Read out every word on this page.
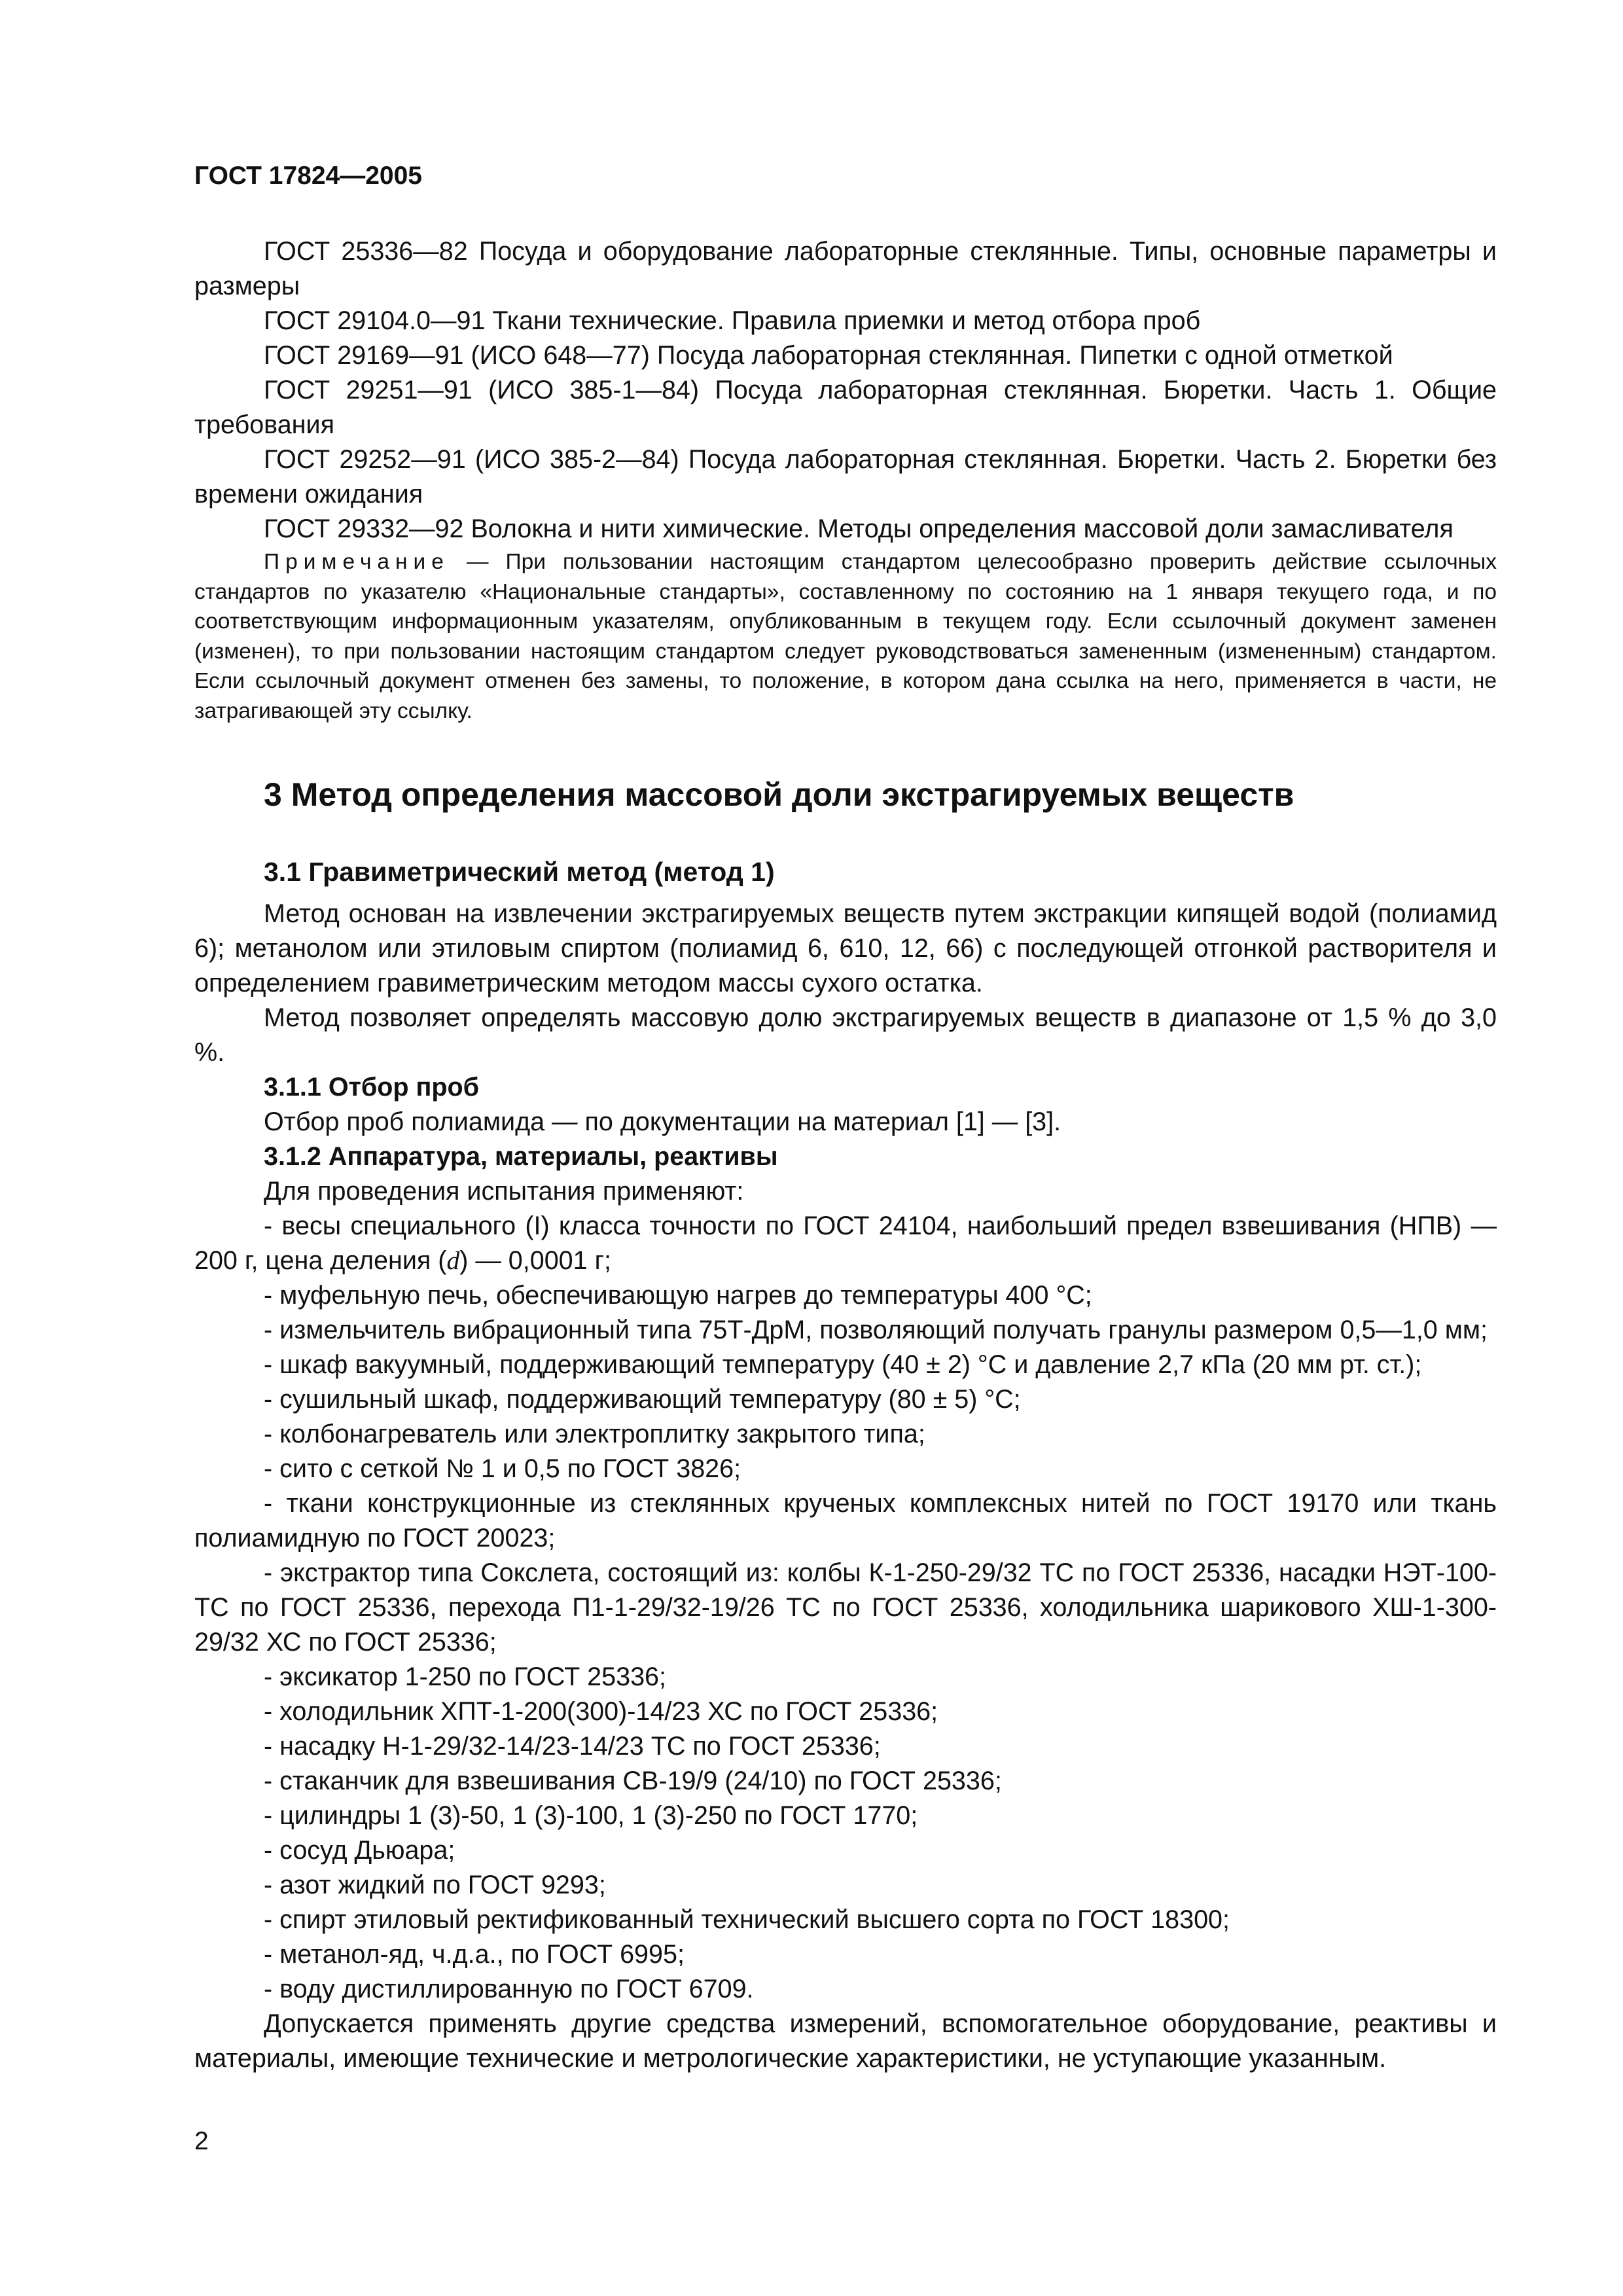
ГОСТ 17824—2005

ГОСТ 25336—82 Посуда и оборудование лабораторные стеклянные. Типы, основные параметры и размеры

ГОСТ 29104.0—91 Ткани технические. Правила приемки и метод отбора проб

ГОСТ 29169—91 (ИСО 648—77) Посуда лабораторная стеклянная. Пипетки с одной отметкой

ГОСТ 29251—91 (ИСО 385-1—84) Посуда лабораторная стеклянная. Бюретки. Часть 1. Общие требования

ГОСТ 29252—91 (ИСО 385-2—84) Посуда лабораторная стеклянная. Бюретки. Часть 2. Бюретки без времени ожидания

ГОСТ 29332—92 Волокна и нити химические. Методы определения массовой доли замасливателя

Примечание — При пользовании настоящим стандартом целесообразно проверить действие ссылочных стандартов по указателю «Национальные стандарты», составленному по состоянию на 1 января текущего года, и по соответствующим информационным указателям, опубликованным в текущем году. Если ссылочный документ заменен (изменен), то при пользовании настоящим стандартом следует руководствоваться замененным (измененным) стандартом. Если ссылочный документ отменен без замены, то положение, в котором дана ссылка на него, применяется в части, не затрагивающей эту ссылку.

3 Метод определения массовой доли экстрагируемых веществ
3.1 Гравиметрический метод (метод 1)

Метод основан на извлечении экстрагируемых веществ путем экстракции кипящей водой (полиамид 6); метанолом или этиловым спиртом (полиамид 6, 610, 12, 66) с последующей отгонкой растворителя и определением гравиметрическим методом массы сухого остатка.

Метод позволяет определять массовую долю экстрагируемых веществ в диапазоне от 1,5 % до 3,0 %.

3.1.1 Отбор проб

Отбор проб полиамида — по документации на материал [1] — [3].

3.1.2 Аппаратура, материалы, реактивы

Для проведения испытания применяют:

- весы специального (I) класса точности по ГОСТ 24104, наибольший предел взвешивания (НПВ) — 200 г, цена деления (d) — 0,0001 г;

- муфельную печь, обеспечивающую нагрев до температуры 400 °С;

- измельчитель вибрационный типа 75Т-ДрМ, позволяющий получать гранулы размером 0,5—1,0 мм;

- шкаф вакуумный, поддерживающий температуру (40 ± 2) °С и давление 2,7 кПа (20 мм рт. ст.);

- сушильный шкаф, поддерживающий температуру (80 ± 5) °С;

- колбонагреватель или электроплитку закрытого типа;

- сито с сеткой № 1 и 0,5 по ГОСТ 3826;

- ткани конструкционные из стеклянных крученых комплексных нитей по ГОСТ 19170 или ткань полиамидную по ГОСТ 20023;

- экстрактор типа Сокслета, состоящий из: колбы К-1-250-29/32 ТС по ГОСТ 25336, насадки НЭТ-100-ТС по ГОСТ 25336, перехода П1-1-29/32-19/26 ТС по ГОСТ 25336, холодильника шарикового ХШ-1-300-29/32 ХС по ГОСТ 25336;

- эксикатор 1-250 по ГОСТ 25336;

- холодильник ХПТ-1-200(300)-14/23 ХС по ГОСТ 25336;

- насадку Н-1-29/32-14/23-14/23 ТС по ГОСТ 25336;

- стаканчик для взвешивания СВ-19/9 (24/10) по ГОСТ 25336;

- цилиндры 1 (3)-50, 1 (3)-100, 1 (3)-250 по ГОСТ 1770;

- сосуд Дьюара;

- азот жидкий по ГОСТ 9293;

- спирт этиловый ректификованный технический высшего сорта по ГОСТ 18300;

- метанол-яд, ч.д.а., по ГОСТ 6995;

- воду дистиллированную по ГОСТ 6709.

Допускается применять другие средства измерений, вспомогательное оборудование, реактивы и материалы, имеющие технические и метрологические характеристики, не уступающие указанным.

2
